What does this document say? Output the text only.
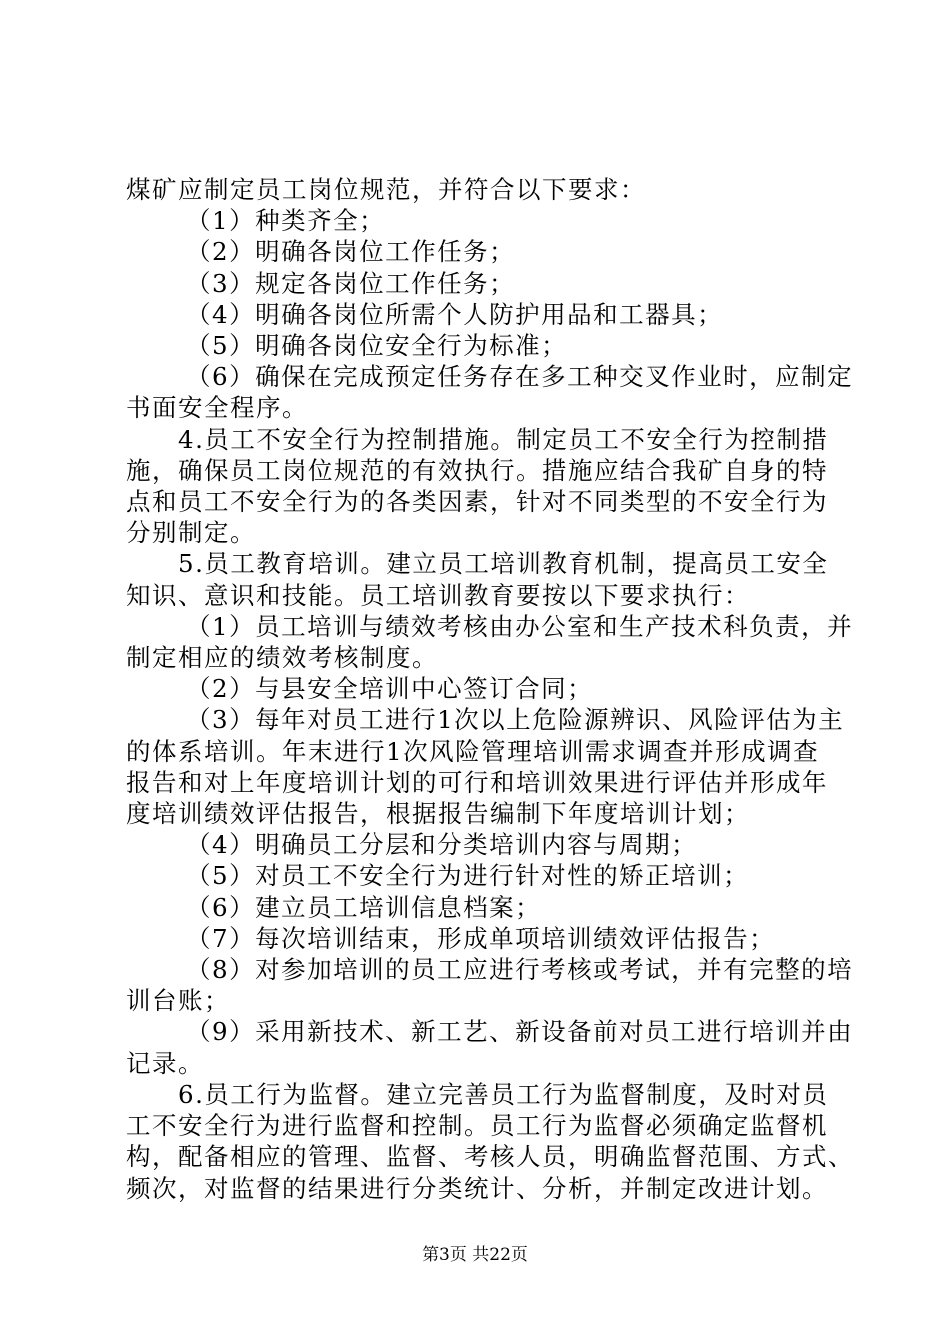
煤矿应制定员工岗位规范，并符合以下要求：

（1）种类齐全；

（2）明确各岗位工作任务；

（3）规定各岗位工作任务；

（4）明确各岗位所需个人防护用品和工器具；

（5）明确各岗位安全行为标准；

（6）确保在完成预定任务存在多工种交叉作业时，应制定

书面安全程序。

4.员工不安全行为控制措施。制定员工不安全行为控制措

施，确保员工岗位规范的有效执行。措施应结合我矿自身的特

点和员工不安全行为的各类因素，针对不同类型的不安全行为

分别制定。

5.员工教育培训。建立员工培训教育机制，提高员工安全

知识、意识和技能。员工培训教育要按以下要求执行：

（1）员工培训与绩效考核由办公室和生产技术科负责，并

制定相应的绩效考核制度。

（2）与县安全培训中心签订合同；

（3）每年对员工进行1次以上危险源辨识、风险评估为主

的体系培训。年末进行1次风险管理培训需求调查并形成调查

报告和对上年度培训计划的可行和培训效果进行评估并形成年

度培训绩效评估报告，根据报告编制下年度培训计划；

（4）明确员工分层和分类培训内容与周期；

（5）对员工不安全行为进行针对性的矫正培训；

（6）建立员工培训信息档案；

（7）每次培训结束，形成单项培训绩效评估报告；

（8）对参加培训的员工应进行考核或考试，并有完整的培

训台账；

（9）采用新技术、新工艺、新设备前对员工进行培训并由

记录。

6.员工行为监督。建立完善员工行为监督制度，及时对员

工不安全行为进行监督和控制。员工行为监督必须确定监督机

构，配备相应的管理、监督、考核人员，明确监督范围、方式、

频次，对监督的结果进行分类统计、分析，并制定改进计划。

第3页 共22页
